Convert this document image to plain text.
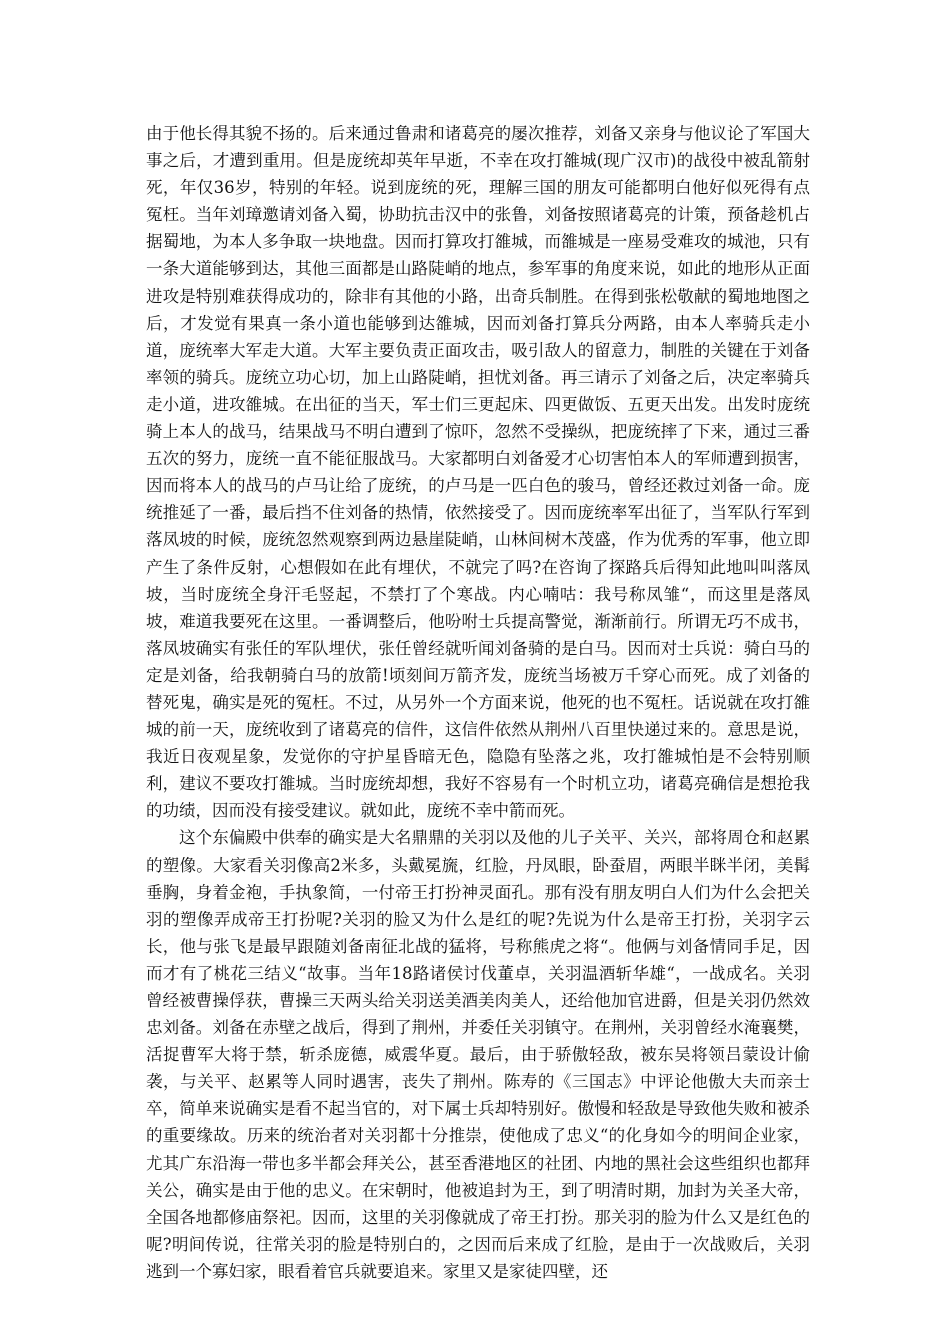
由于他长得其貌不扬的。后来通过鲁肃和诸葛亮的屡次推荐，刘备又亲身与他议论了军国大事之后，才遭到重用。但是庞统却英年早逝，不幸在攻打雒城(现广汉市)的战役中被乱箭射死，年仅36岁，特别的年轻。说到庞统的死，理解三国的朋友可能都明白他好似死得有点冤枉。当年刘璋邀请刘备入蜀，协助抗击汉中的张鲁，刘备按照诸葛亮的计策，预备趁机占据蜀地，为本人多争取一块地盘。因而打算攻打雒城，而雒城是一座易受难攻的城池，只有一条大道能够到达，其他三面都是山路陡峭的地点，参军事的角度来说，如此的地形从正面进攻是特别难获得成功的，除非有其他的小路，出奇兵制胜。在得到张松敬献的蜀地地图之后，才发觉有果真一条小道也能够到达雒城，因而刘备打算兵分两路，由本人率骑兵走小道，庞统率大军走大道。大军主要负责正面攻击，吸引敌人的留意力，制胜的关键在于刘备率领的骑兵。庞统立功心切，加上山路陡峭，担忧刘备。再三请示了刘备之后，决定率骑兵走小道，进攻雒城。在出征的当天，军士们三更起床、四更做饭、五更天出发。出发时庞统骑上本人的战马，结果战马不明白遭到了惊吓，忽然不受操纵，把庞统摔了下来，通过三番五次的努力，庞统一直不能征服战马。大家都明白刘备爱才心切害怕本人的军师遭到损害，因而将本人的战马的卢马让给了庞统，的卢马是一匹白色的骏马，曾经还救过刘备一命。庞统推延了一番，最后挡不住刘备的热情，依然接受了。因而庞统率军出征了，当军队行军到落凤坡的时候，庞统忽然观察到两边悬崖陡峭，山林间树木茂盛，作为优秀的军事，他立即产生了条件反射，心想假如在此有埋伏，不就完了吗?在咨询了探路兵后得知此地叫叫落凤坡，当时庞统全身汗毛竖起，不禁打了个寒战。内心喃咕：我号称凤雏“，而这里是落凤坡，难道我要死在这里。一番调整后，他吩咐士兵提高警觉，渐渐前行。所谓无巧不成书，落凤坡确实有张任的军队埋伏，张任曾经就听闻刘备骑的是白马。因而对士兵说：骑白马的定是刘备，给我朝骑白马的放箭!顷刻间万箭齐发，庞统当场被万千穿心而死。成了刘备的替死鬼，确实是死的冤枉。不过，从另外一个方面来说，他死的也不冤枉。话说就在攻打雒城的前一天，庞统收到了诸葛亮的信件，这信件依然从荆州八百里快递过来的。意思是说，我近日夜观星象，发觉你的守护星昏暗无色，隐隐有坠落之兆，攻打雒城怕是不会特别顺利，建议不要攻打雒城。当时庞统却想，我好不容易有一个时机立功，诸葛亮确信是想抢我的功绩，因而没有接受建议。就如此，庞统不幸中箭而死。

这个东偏殿中供奉的确实是大名鼎鼎的关羽以及他的儿子关平、关兴，部将周仓和赵累的塑像。大家看关羽像高2米多，头戴冕旒，红脸，丹凤眼，卧蚕眉，两眼半眯半闭，美髯垂胸，身着金袍，手执象简，一付帝王打扮神灵面孔。那有没有朋友明白人们为什么会把关羽的塑像弄成帝王打扮呢?关羽的脸又为什么是红的呢?先说为什么是帝王打扮，关羽字云长，他与张飞是最早跟随刘备南征北战的猛将，号称熊虎之将“。他俩与刘备情同手足，因而才有了桃花三结义“故事。当年18路诸侯讨伐董卓，关羽温酒斩华雄“，一战成名。关羽曾经被曹操俘获，曹操三天两头给关羽送美酒美肉美人，还给他加官进爵，但是关羽仍然效忠刘备。刘备在赤壁之战后，得到了荆州，并委任关羽镇守。在荆州，关羽曾经水淹襄樊，活捉曹军大将于禁，斩杀庞德，威震华夏。最后，由于骄傲轻敌，被东吴将领吕蒙设计偷袭，与关平、赵累等人同时遇害，丧失了荆州。陈寿的《三国志》中评论他傲大夫而亲士卒，简单来说确实是看不起当官的，对下属士兵却特别好。傲慢和轻敌是导致他失败和被杀的重要缘故。历来的统治者对关羽都十分推崇，使他成了忠义“的化身如今的明间企业家，尤其广东沿海一带也多半都会拜关公，甚至香港地区的社团、内地的黑社会这些组织也都拜关公，确实是由于他的忠义。在宋朝时，他被追封为王，到了明清时期，加封为关圣大帝，全国各地都修庙祭祀。因而，这里的关羽像就成了帝王打扮。那关羽的脸为什么又是红色的呢?明间传说，往常关羽的脸是特别白的，之因而后来成了红脸，是由于一次战败后，关羽逃到一个寡妇家，眼看着官兵就要追来。家里又是家徒四壁，还
